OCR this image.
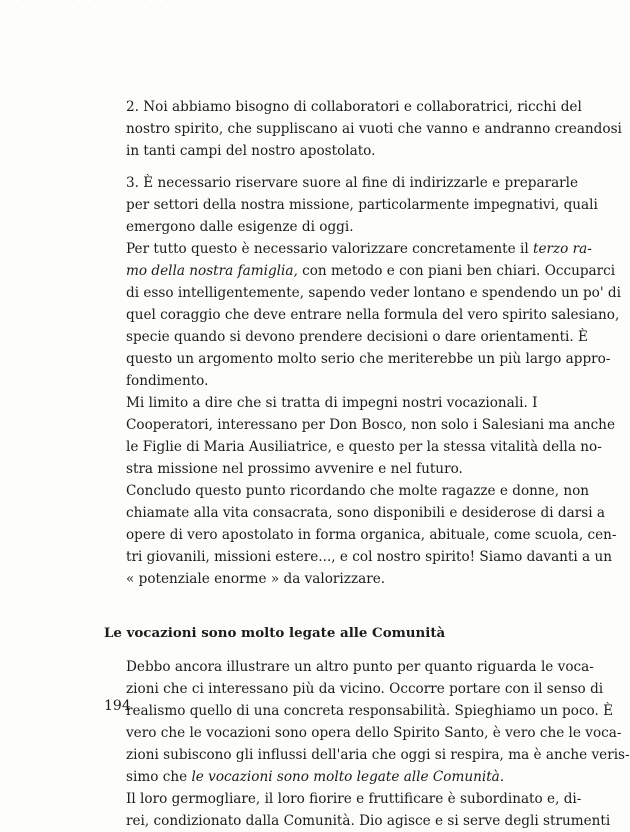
2. Noi abbiamo bisogno di collaboratori e collaboratrici, ricchi del
nostro spirito, che suppliscano ai vuoti che vanno e andranno creandosi
in tanti campi del nostro apostolato.
3. È necessario riservare suore al fine di indirizzarle e prepararle
per settori della nostra missione, particolarmente impegnativi, quali
emergono dalle esigenze di oggi.
Per tutto questo è necessario valorizzare concretamente il terzo ra-
mo della nostra famiglia, con metodo e con piani ben chiari. Occuparci
di esso intelligentemente, sapendo veder lontano e spendendo un po' di
quel coraggio che deve entrare nella formula del vero spirito salesiano,
specie quando si devono prendere decisioni o dare orientamenti. È
questo un argomento molto serio che meriterebbe un più largo appro-
fondimento.
Mi limito a dire che si tratta di impegni nostri vocazionali. I
Cooperatori, interessano per Don Bosco, non solo i Salesiani ma anche
le Figlie di Maria Ausiliatrice, e questo per la stessa vitalità della no-
stra missione nel prossimo avvenire e nel futuro.
Concludo questo punto ricordando che molte ragazze e donne, non
chiamate alla vita consacrata, sono disponibili e desiderose di darsi a
opere di vero apostolato in forma organica, abituale, come scuola, cen-
tri giovanili, missioni estere..., e col nostro spirito! Siamo davanti a un
« potenziale enorme » da valorizzare.
Le vocazioni sono molto legate alle Comunità
Debbo ancora illustrare un altro punto per quanto riguarda le voca-
zioni che ci interessano più da vicino. Occorre portare con il senso di
realismo quello di una concreta responsabilità. Spieghiamo un poco. È
vero che le vocazioni sono opera dello Spirito Santo, è vero che le voca-
zioni subiscono gli influssi dell'aria che oggi si respira, ma è anche veris-
simo che le vocazioni sono molto legate alle Comunità.
Il loro germogliare, il loro fiorire e fruttificare è subordinato e, di-
rei, condizionato dalla Comunità. Dio agisce e si serve degli strumenti
194
